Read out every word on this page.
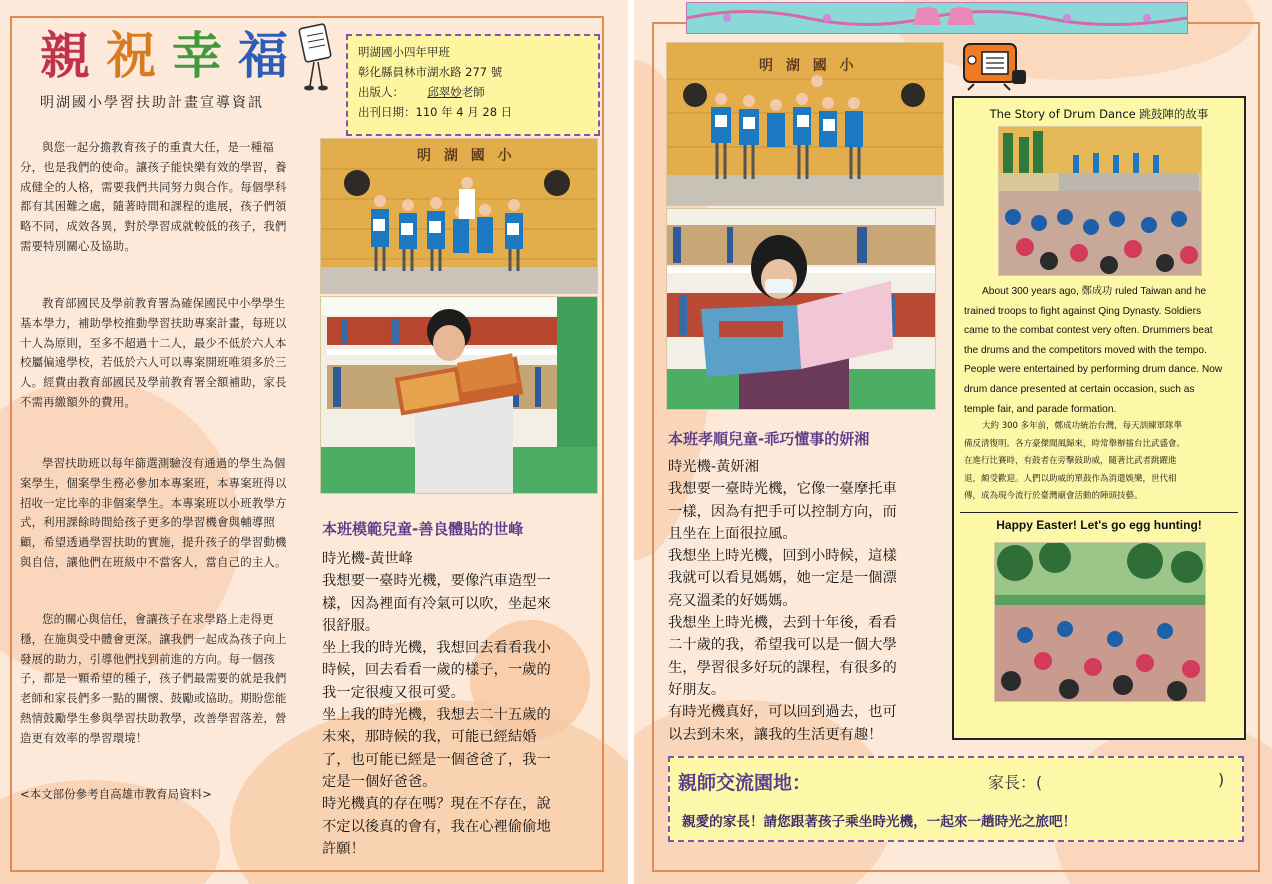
親 祝 幸 福
明湖國小學習扶助計畫宣導資訊
明湖國小四年甲班
彰化縣員林市湖水路 277 號
出版人： 邱翠妙老師
出刊日期：110 年 4 月 28 日
與您一起分擔教育孩子的重責大任，是一種福分，也是我們的使命。讓孩子能快樂有效的學習，養成健全的人格，需要我們共同努力與合作。每個學科都有其困難之處，隨著時間和課程的進展，孩子們領略不同，成效各異，對於學習成就較低的孩子，我們需要特別關心及協助。
教育部國民及學前教育署為確保國民中小學學生基本學力，補助學校推動學習扶助專案計畫，每班以十人為原則，至多不超過十二人，最少不低於六人本校屬偏遠學校，若低於六人可以專案開班唯須多於三人。經費由教育部國民及學前教育署全額補助，家長不需再繳額外的費用。
學習扶助班以每年篩選測驗沒有通過的學生為個案學生，個案學生務必參加本專案班，本專案班得以招收一定比率的非個案學生。本專案班以小班教學方式，利用課餘時間給孩子更多的學習機會與輔導照顧，希望透過學習扶助的實施，提升孩子的學習動機與自信，讓他們在班級中不當客人，當自己的主人。
您的關心與信任，會讓孩子在求學路上走得更穩，在施與受中體會更深。讓我們一起成為孩子向上發展的助力，引導他們找到前進的方向。每一個孩子，都是一顆希望的種子，孩子們最需要的就是我們老師和家長們多一點的關懷、鼓勵或協助。期盼您能熱情鼓勵學生參與學習扶助教學，改善學習落差，營造更有效率的學習環境！
<本文部份參考自高雄市教育局資料>
明 湖 國 小
本班模範兒童-善良體貼的世峰
時光機-黃世峰
我想要一臺時光機，要像汽車造型一
樣，因為裡面有冷氣可以吹，坐起來
很舒服。
坐上我的時光機，我想回去看看我小
時候，回去看看一歲的樣子，一歲的
我一定很瘦又很可愛。
坐上我的時光機，我想去二十五歲的
未來，那時候的我，可能已經結婚
了，也可能已經是一個爸爸了，我一
定是一個好爸爸。
時光機真的存在嗎？現在不存在，說
不定以後真的會有，我在心裡偷偷地
許願！
明 湖 國 小
本班孝順兒童-乖巧懂事的妍湘
時光機-黃妍湘
我想要一臺時光機，它像一臺摩托車
一樣，因為有把手可以控制方向，而
且坐在上面很拉風。
我想坐上時光機，回到小時候，這樣
我就可以看見媽媽，她一定是一個漂
亮又溫柔的好媽媽。
我想坐上時光機，去到十年後，看看
二十歲的我，希望我可以是一個大學
生，學習很多好玩的課程，有很多的
好朋友。
有時光機真好，可以回到過去，也可
以去到未來，讓我的生活更有趣！
The Story of Drum Dance 跳鼓陣的故事
About 300 years ago, 鄭成功 ruled Taiwan and he
trained troops to fight against Qing Dynasty. Soldiers
came to the combat contest very often. Drummers beat
the drums and the competitors moved with the tempo.
People were entertained by performing drum dance. Now
drum dance presented at certain occasion, such as
temple fair, and parade formation.
大約 300 多年前，鄭成功統治台灣，每天訓練軍隊準
備反清復明。各方豪傑聞風歸來，時常舉辦擂台比武盛會。
在進行比賽時，有鼓者在旁擊鼓助威，隨著比武者跳躍進
退，頗受歡迎。人們以助威的單鼓作為消遣娛樂，世代相
傳，成為現今流行於臺灣廟會活動的陣頭技藝。
Happy Easter! Let's go egg hunting!
親師交流園地：	家長：(	)
親愛的家長！請您跟著孩子乘坐時光機，一起來一趟時光之旅吧！
